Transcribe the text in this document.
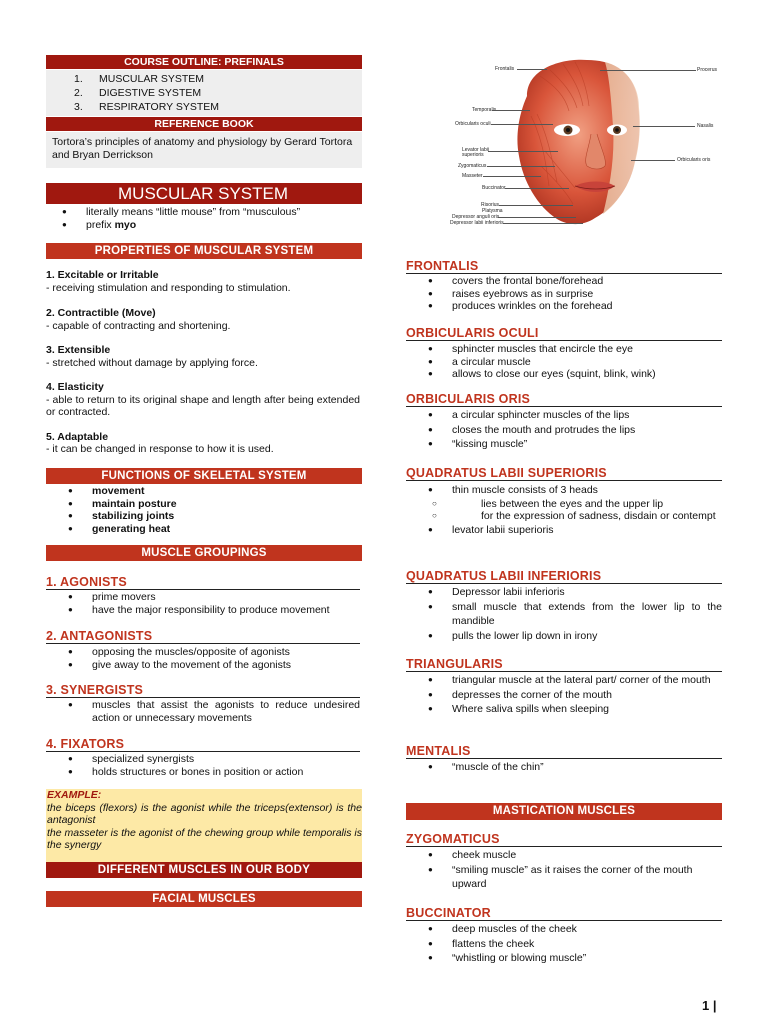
COURSE OUTLINE: PREFINALS
1. MUSCULAR SYSTEM
2. DIGESTIVE SYSTEM
3. RESPIRATORY SYSTEM
REFERENCE BOOK
Tortora’s principles of anatomy and physiology by Gerard Tortora and Bryan Derrickson
MUSCULAR SYSTEM
● literally means “little mouse” from “musculous”
● prefix myo
PROPERTIES OF MUSCULAR SYSTEM
1. Excitable or Irritable
- receiving stimulation and responding to stimulation.
2. Contractible (Move)
- capable of contracting and shortening.
3. Extensible
- stretched without damage by applying force.
4. Elasticity
- able to return to its original shape and length after being extended or contracted.
5. Adaptable
- it can be changed in response to how it is used.
FUNCTIONS OF SKELETAL SYSTEM
● movement
● maintain posture
● stabilizing joints
● generating heat
MUSCLE GROUPINGS
1. AGONISTS
● prime movers
● have the major responsibility to produce movement
2. ANTAGONISTS
● opposing the muscles/opposite of agonists
● give away to the movement of the agonists
3. SYNERGISTS
● muscles that assist the agonists to reduce undesired action or unnecessary movements
4. FIXATORS
● specialized synergists
● holds structures or bones in position or action
EXAMPLE:
the biceps (flexors) is the agonist while the triceps(extensor) is the antagonist
the masseter is the agonist of the chewing group while temporalis is the synergy
DIFFERENT MUSCLES IN OUR BODY
FACIAL MUSCLES
Frontalis
Temporalis
Orbicularis oculi
Levator labii
superioris
Zygomaticus
Masseter
Buccinator
Risorius
Platysma
Depressor anguli oris
Depressor labii inferioris
Procerus
Nasalis
Orbicularis oris
FRONTALIS
● covers the frontal bone/forehead
● raises eyebrows as in surprise
● produces wrinkles on the forehead
ORBICULARIS OCULI
● sphincter muscles that encircle the eye
● a circular muscle
● allows to close our eyes (squint, blink, wink)
ORBICULARIS ORIS
● a circular sphincter muscles of the lips
● closes the mouth and protrudes the lips
● “kissing muscle”
QUADRATUS LABII SUPERIORIS
● thin muscle consists of 3 heads
○ lies between the eyes and the upper lip
○ for the expression of sadness, disdain or contempt
● levator labii superioris
QUADRATUS LABII INFERIORIS
● Depressor labii inferioris
● small muscle that extends from the lower lip to the mandible
● pulls the lower lip down in irony
TRIANGULARIS
● triangular muscle at the lateral part/ corner of the mouth
● depresses the corner of the mouth
● Where saliva spills when sleeping
MENTALIS
● “muscle of the chin”
MASTICATION MUSCLES
ZYGOMATICUS
● cheek muscle
● “smiling muscle” as it raises the corner of the mouth upward
BUCCINATOR
● deep muscles of the cheek
● flattens the cheek
● “whistling or blowing muscle”
1 |
